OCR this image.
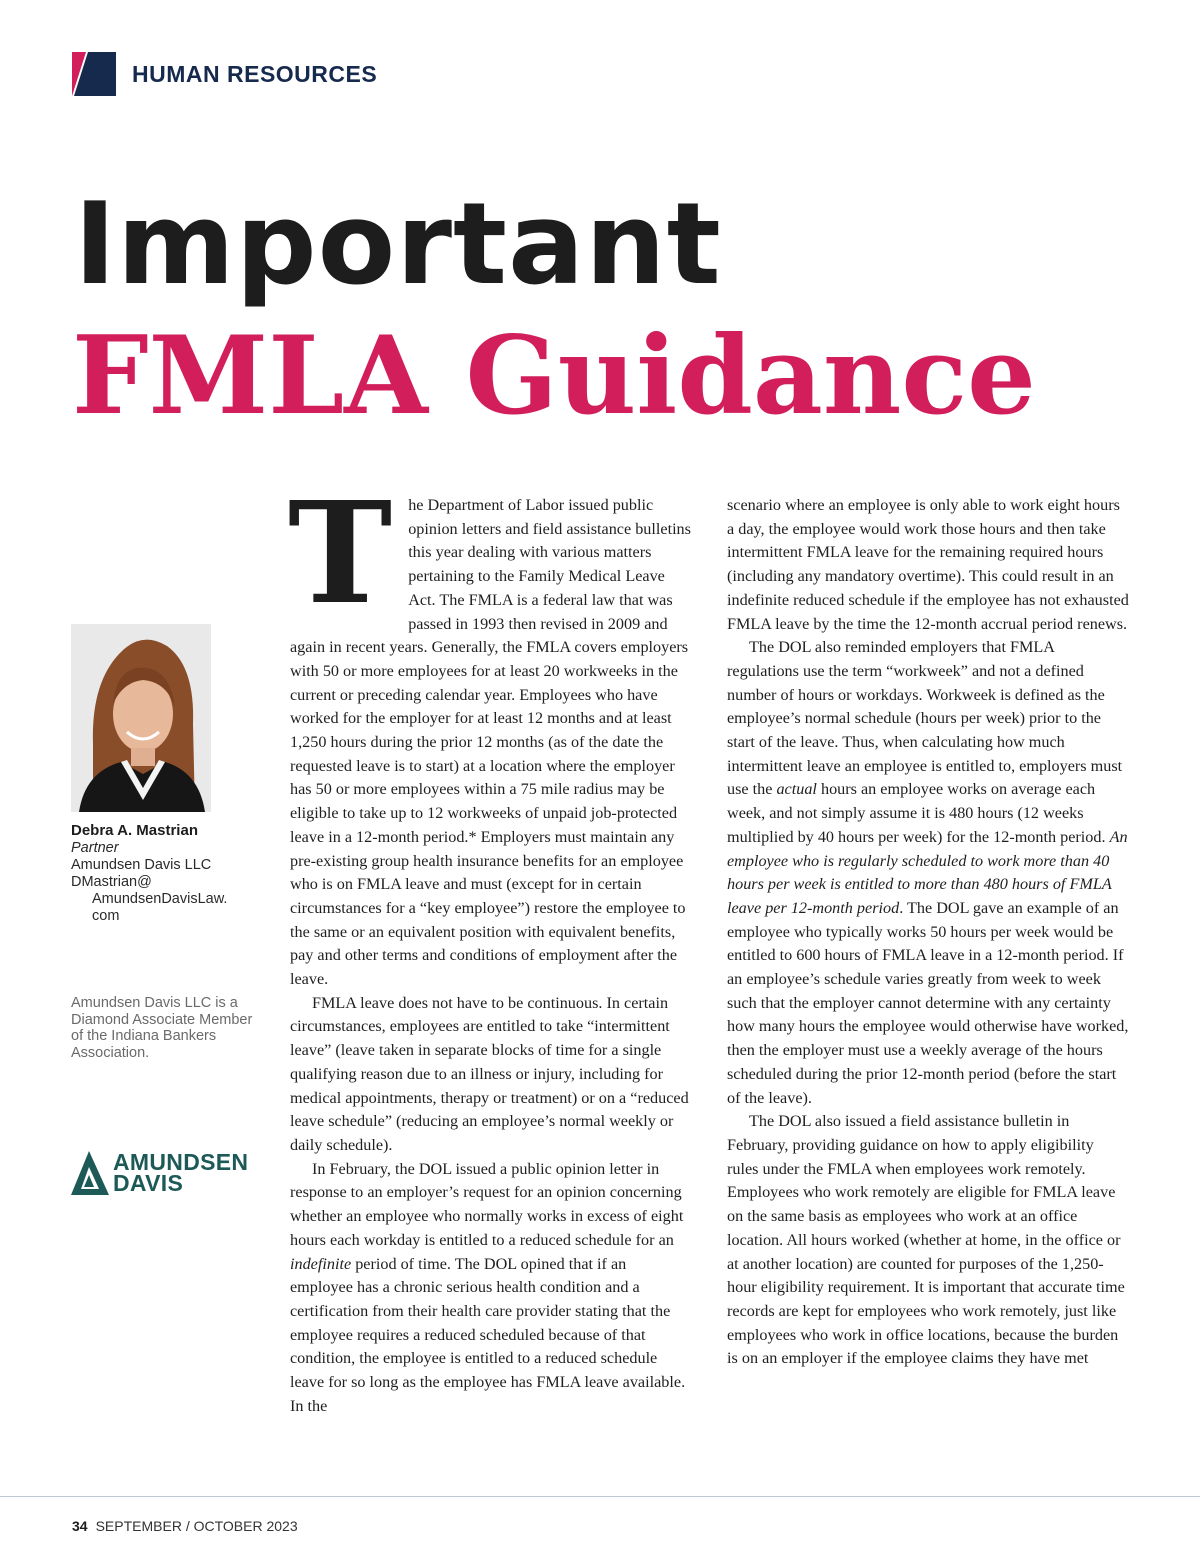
HUMAN RESOURCES
Important
FMLA Guidance
Debra A. Mastrian
Partner
Amundsen Davis LLC
DMastrian@
AmundsenDavisLaw.
com
Amundsen Davis LLC is a Diamond Associate Member of the Indiana Bankers Association.
AMUNDSEN
DAVIS

The Department of Labor issued public opinion letters and field assistance bulletins this year dealing with various matters pertaining to the Family Medical Leave Act. The FMLA is a federal law that was passed in 1993 then revised in 2009 and again in recent years. Generally, the FMLA covers employers with 50 or more employees for at least 20 workweeks in the current or preceding calendar year. Employees who have worked for the employer for at least 12 months and at least 1,250 hours during the prior 12 months (as of the date the requested leave is to start) at a location where the employer has 50 or more employees within a 75 mile radius may be eligible to take up to 12 workweeks of unpaid job-protected leave in a 12-month period.* Employers must maintain any pre-existing group health insurance benefits for an employee who is on FMLA leave and must (except for in certain circumstances for a “key employee”) restore the employee to the same or an equivalent position with equivalent benefits, pay and other terms and conditions of employment after the leave.

FMLA leave does not have to be continuous. In certain circumstances, employees are entitled to take “intermittent leave” (leave taken in separate blocks of time for a single qualifying reason due to an illness or injury, including for medical appointments, therapy or treatment) or on a “reduced leave schedule” (reducing an employee’s normal weekly or daily schedule).

In February, the DOL issued a public opinion letter in response to an employer’s request for an opinion concerning whether an employee who normally works in excess of eight hours each workday is entitled to a reduced schedule for an indefinite period of time. The DOL opined that if an employee has a chronic serious health condition and a certification from their health care provider stating that the employee requires a reduced scheduled because of that condition, the employee is entitled to a reduced schedule leave for so long as the employee has FMLA leave available. In the

scenario where an employee is only able to work eight hours a day, the employee would work those hours and then take intermittent FMLA leave for the remaining required hours (including any mandatory overtime). This could result in an indefinite reduced schedule if the employee has not exhausted FMLA leave by the time the 12-month accrual period renews.

The DOL also reminded employers that FMLA regulations use the term “workweek” and not a defined number of hours or workdays. Workweek is defined as the employee’s normal schedule (hours per week) prior to the start of the leave. Thus, when calculating how much intermittent leave an employee is entitled to, employers must use the actual hours an employee works on average each week, and not simply assume it is 480 hours (12 weeks multiplied by 40 hours per week) for the 12-month period. An employee who is regularly scheduled to work more than 40 hours per week is entitled to more than 480 hours of FMLA leave per 12-month period. The DOL gave an example of an employee who typically works 50 hours per week would be entitled to 600 hours of FMLA leave in a 12-month period. If an employee’s schedule varies greatly from week to week such that the employer cannot determine with any certainty how many hours the employee would otherwise have worked, then the employer must use a weekly average of the hours scheduled during the prior 12-month period (before the start of the leave).

The DOL also issued a field assistance bulletin in February, providing guidance on how to apply eligibility rules under the FMLA when employees work remotely. Employees who work remotely are eligible for FMLA leave on the same basis as employees who work at an office location. All hours worked (whether at home, in the office or at another location) are counted for purposes of the 1,250-hour eligibility requirement. It is important that accurate time records are kept for employees who work remotely, just like employees who work in office locations, because the burden is on an employer if the employee claims they have met

34 SEPTEMBER / OCTOBER 2023
